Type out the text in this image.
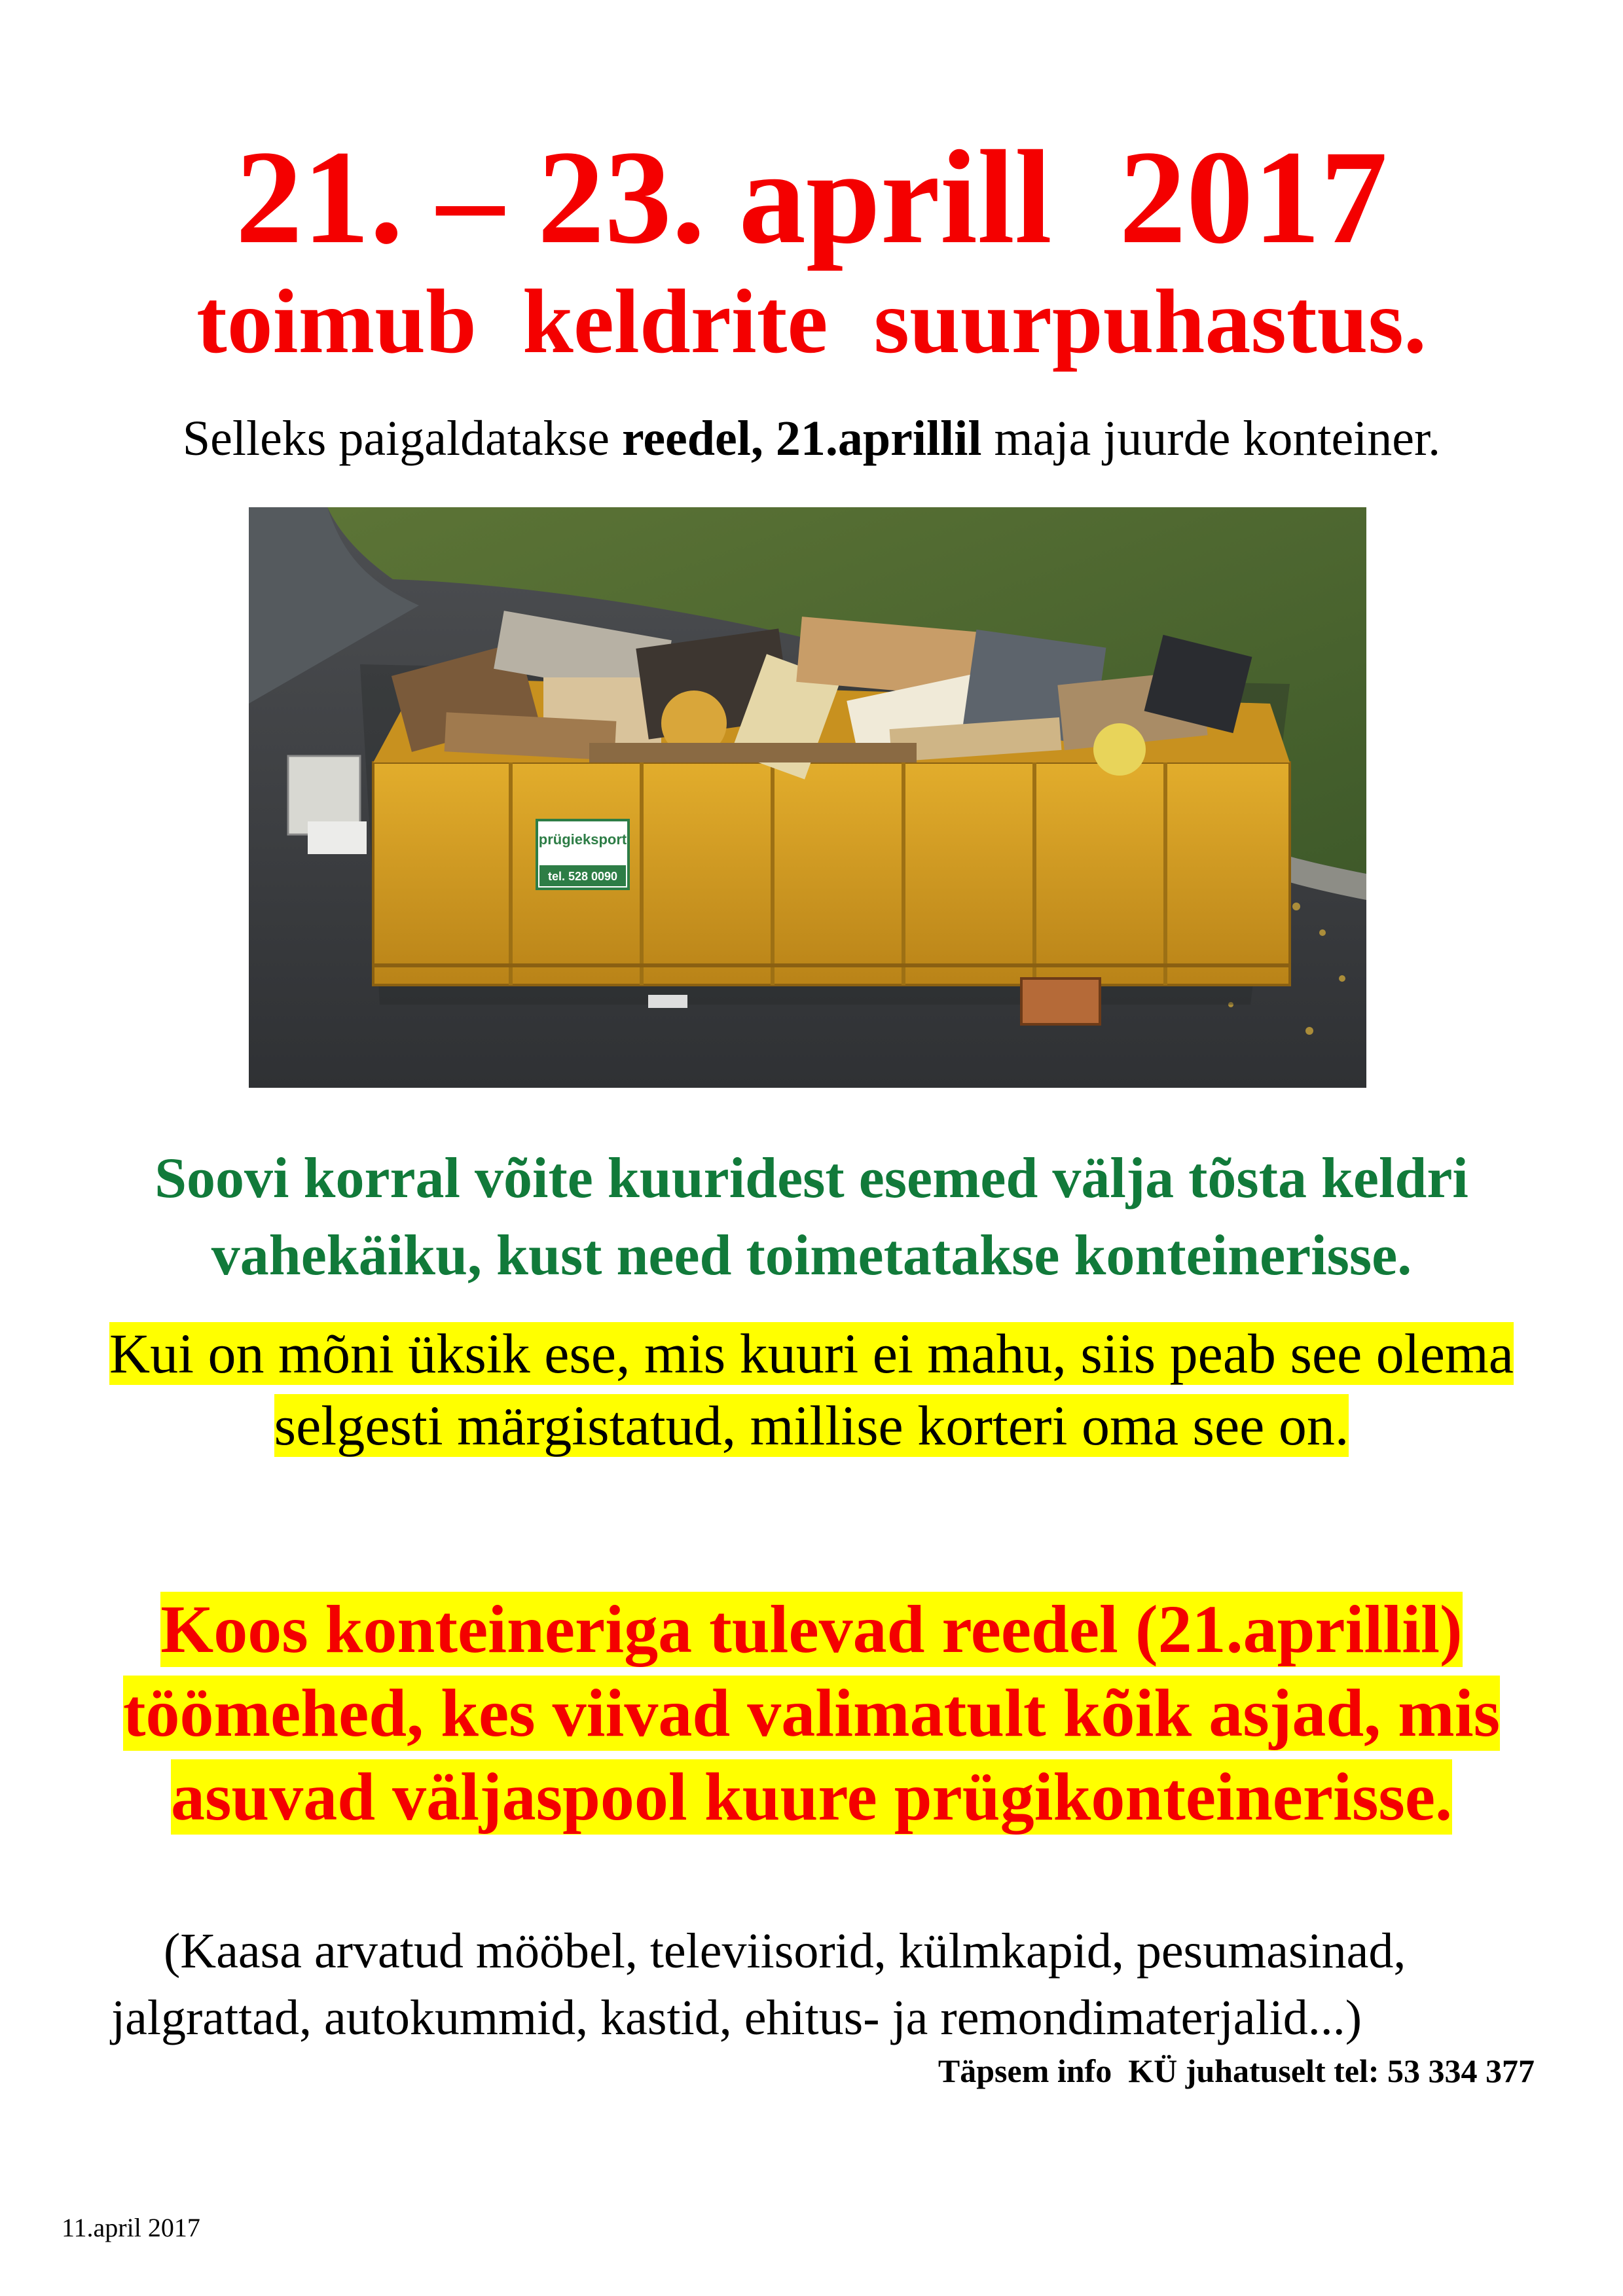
21. – 23. aprill  2017
toimub  keldrite  suurpuhastus.
Selleks paigaldatakse reedel, 21.aprillil maja juurde konteiner.
prügieksport
tel. 528 0090
Soovi korral võite kuuridest esemed välja tõsta keldri
vahekäiku, kust need toimetatakse konteinerisse.
Kui on mõni üksik ese, mis kuuri ei mahu, siis peab see olema
selgesti märgistatud, millise korteri oma see on.
Koos konteineriga tulevad reedel (21.aprillil)
töömehed, kes viivad valimatult kõik asjad, mis
asuvad väljaspool kuure prügikonteinerisse.
(Kaasa arvatud mööbel, televiisorid, külmkapid, pesumasinad,
jalgrattad, autokummid, kastid, ehitus- ja remondimaterjalid...)
Täpsem info  KÜ juhatuselt tel: 53 334 377
11.april 2017
